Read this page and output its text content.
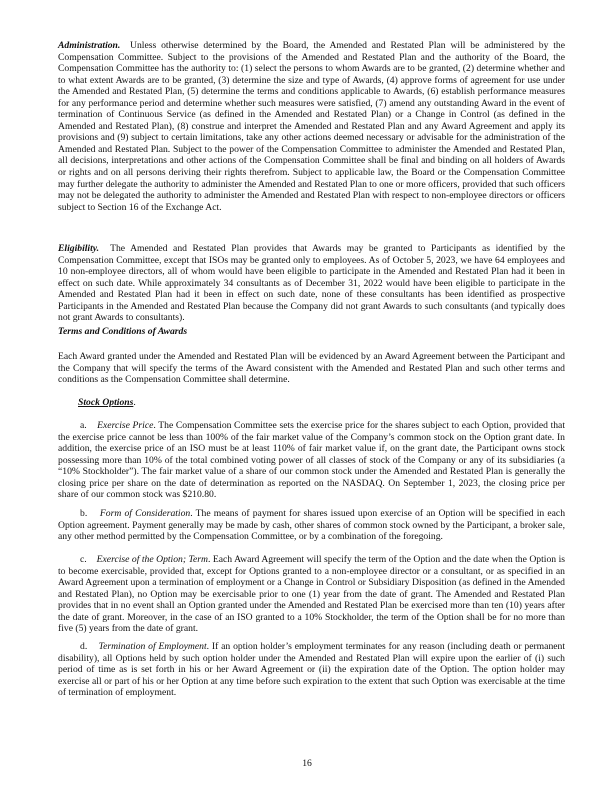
Administration. Unless otherwise determined by the Board, the Amended and Restated Plan will be administered by the Compensation Committee. Subject to the provisions of the Amended and Restated Plan and the authority of the Board, the Compensation Committee has the authority to: (1) select the persons to whom Awards are to be granted, (2) determine whether and to what extent Awards are to be granted, (3) determine the size and type of Awards, (4) approve forms of agreement for use under the Amended and Restated Plan, (5) determine the terms and conditions applicable to Awards, (6) establish performance measures for any performance period and determine whether such measures were satisfied, (7) amend any outstanding Award in the event of termination of Continuous Service (as defined in the Amended and Restated Plan) or a Change in Control (as defined in the Amended and Restated Plan), (8) construe and interpret the Amended and Restated Plan and any Award Agreement and apply its provisions and (9) subject to certain limitations, take any other actions deemed necessary or advisable for the administration of the Amended and Restated Plan. Subject to the power of the Compensation Committee to administer the Amended and Restated Plan, all decisions, interpretations and other actions of the Compensation Committee shall be final and binding on all holders of Awards or rights and on all persons deriving their rights therefrom. Subject to applicable law, the Board or the Compensation Committee may further delegate the authority to administer the Amended and Restated Plan to one or more officers, provided that such officers may not be delegated the authority to administer the Amended and Restated Plan with respect to non-employee directors or officers subject to Section 16 of the Exchange Act.

Eligibility. The Amended and Restated Plan provides that Awards may be granted to Participants as identified by the Compensation Committee, except that ISOs may be granted only to employees. As of October 5, 2023, we have 64 employees and 10 non-employee directors, all of whom would have been eligible to participate in the Amended and Restated Plan had it been in effect on such date. While approximately 34 consultants as of December 31, 2022 would have been eligible to participate in the Amended and Restated Plan had it been in effect on such date, none of these consultants has been identified as prospective Participants in the Amended and Restated Plan because the Company did not grant Awards to such consultants (and typically does not grant Awards to consultants).

Terms and Conditions of Awards

Each Award granted under the Amended and Restated Plan will be evidenced by an Award Agreement between the Participant and the Company that will specify the terms of the Award consistent with the Amended and Restated Plan and such other terms and conditions as the Compensation Committee shall determine.

Stock Options.

a. Exercise Price. The Compensation Committee sets the exercise price for the shares subject to each Option, provided that the exercise price cannot be less than 100% of the fair market value of the Company’s common stock on the Option grant date. In addition, the exercise price of an ISO must be at least 110% of fair market value if, on the grant date, the Participant owns stock possessing more than 10% of the total combined voting power of all classes of stock of the Company or any of its subsidiaries (a “10% Stockholder”). The fair market value of a share of our common stock under the Amended and Restated Plan is generally the closing price per share on the date of determination as reported on the NASDAQ. On September 1, 2023, the closing price per share of our common stock was $210.80.

b. Form of Consideration. The means of payment for shares issued upon exercise of an Option will be specified in each Option agreement. Payment generally may be made by cash, other shares of common stock owned by the Participant, a broker sale, any other method permitted by the Compensation Committee, or by a combination of the foregoing.

c. Exercise of the Option; Term. Each Award Agreement will specify the term of the Option and the date when the Option is to become exercisable, provided that, except for Options granted to a non-employee director or a consultant, or as specified in an Award Agreement upon a termination of employment or a Change in Control or Subsidiary Disposition (as defined in the Amended and Restated Plan), no Option may be exercisable prior to one (1) year from the date of grant. The Amended and Restated Plan provides that in no event shall an Option granted under the Amended and Restated Plan be exercised more than ten (10) years after the date of grant. Moreover, in the case of an ISO granted to a 10% Stockholder, the term of the Option shall be for no more than five (5) years from the date of grant.

d. Termination of Employment. If an option holder’s employment terminates for any reason (including death or permanent disability), all Options held by such option holder under the Amended and Restated Plan will expire upon the earlier of (i) such period of time as is set forth in his or her Award Agreement or (ii) the expiration date of the Option. The option holder may exercise all or part of his or her Option at any time before such expiration to the extent that such Option was exercisable at the time of termination of employment.

16
